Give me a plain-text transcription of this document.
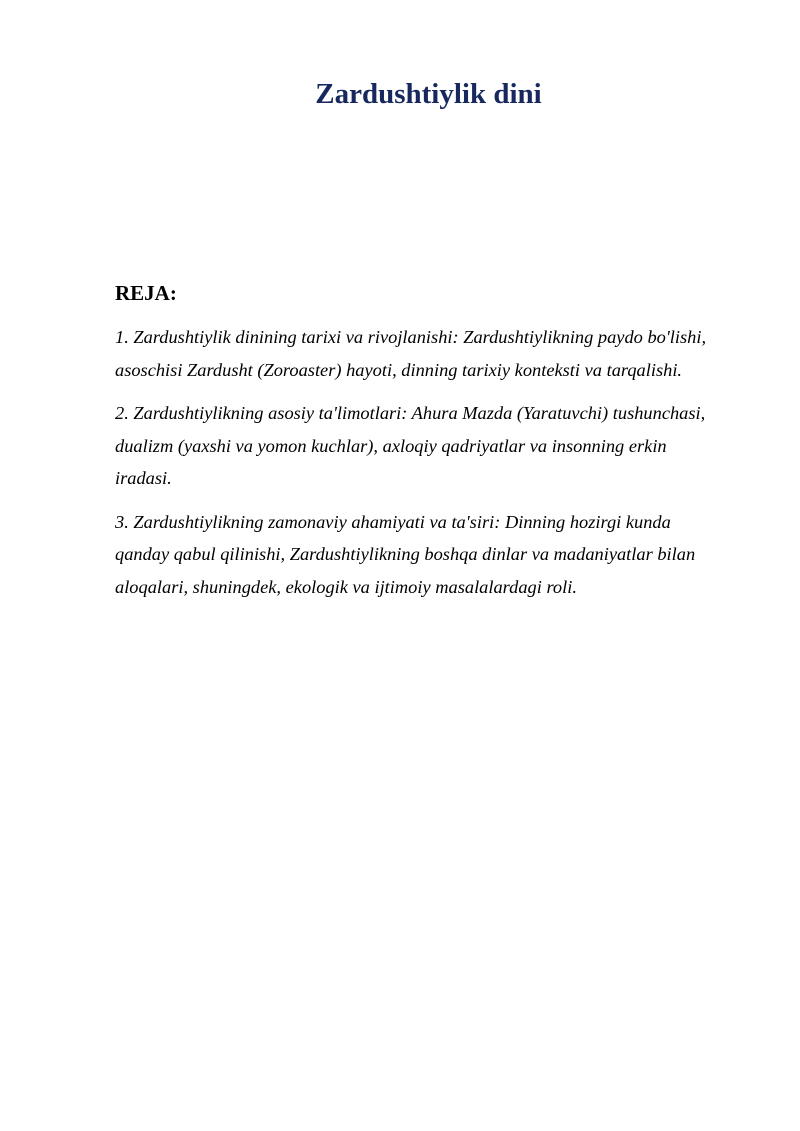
Zardushtiylik dini
REJA:
1. Zardushtiylik dinining tarixi va rivojlanishi: Zardushtiylikning paydo bo'lishi, asoschisi Zardusht (Zoroaster) hayoti, dinning tarixiy konteksti va tarqalishi.
2. Zardushtiylikning asosiy ta'limotlari: Ahura Mazda (Yaratuvchi) tushunchasi, dualizm (yaxshi va yomon kuchlar), axloqiy qadriyatlar va insonning erkin iradasi.
3. Zardushtiylikning zamonaviy ahamiyati va ta'siri: Dinning hozirgi kunda qanday qabul qilinishi, Zardushtiylikning boshqa dinlar va madaniyatlar bilan aloqalari, shuningdek, ekologik va ijtimoiy masalalardagi roli.
